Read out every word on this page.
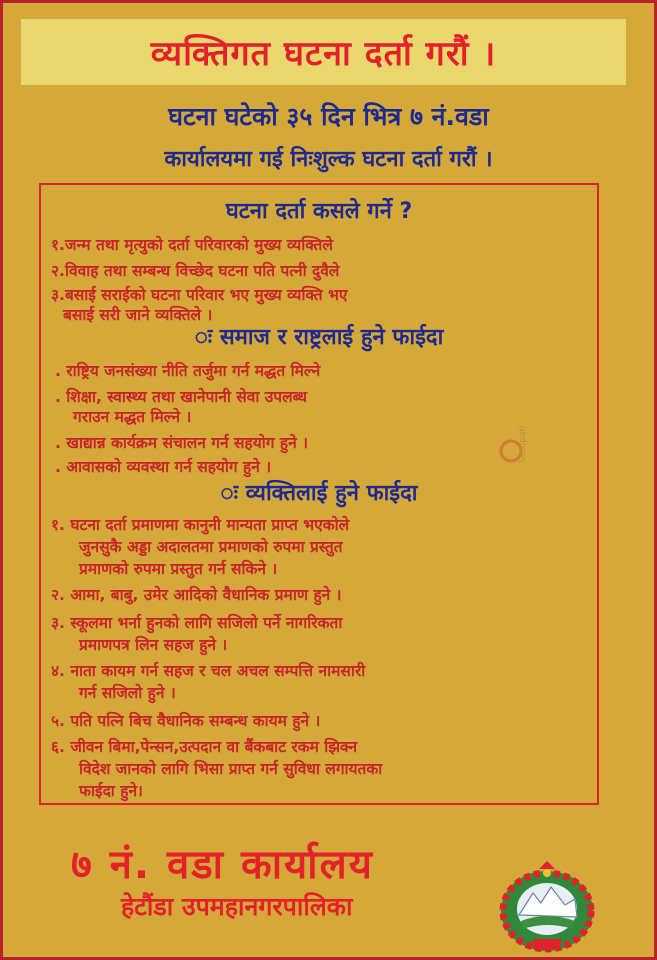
व्यक्तिगत घटना दर्ता गरौं ।
घटना घटेको ३५ दिन भित्र ७ नं.वडा
कार्यालयमा गई निःशुल्क घटना दर्ता गरौं ।
घटना दर्ता कसले गर्ने ?
१.जन्म तथा मृत्युको दर्ता परिवारको मुख्य व्यक्तिले
२.विवाह तथा सम्बन्ध विच्छेद घटना पति पत्नी दुवैले
३.बसाई सराईको घटना परिवार भए मुख्य व्यक्ति भए
बसाई सरी जाने व्यक्तिले ।
ः समाज र राष्ट्रलाई हुने फाईदा
. राष्ट्रिय जनसंख्या नीति तर्जुमा गर्न मद्धत मिल्ने
. शिक्षा, स्वास्थ्य तथा खानेपानी सेवा उपलब्ध
गराउन मद्धत मिल्ने ।
. खाद्यान्न कार्यक्रम संचालन गर्न सहयोग हुने ।
. आवासको व्यवस्था गर्न सहयोग हुने ।
ः व्यक्तिलाई हुने फाईदा
१. घटना दर्ता प्रमाणमा कानुनी मान्यता प्राप्त भएकोले
जुनसुकै अड्डा अदालतमा प्रमाणको रुपमा प्रस्तुत
प्रमाणको रुपमा प्रस्तुत गर्न सकिने ।
२. आमा, बाबु, उमेर आदिको वैधानिक प्रमाण हुने ।
३. स्कूलमा भर्ना हुनको लागि सजिलो पर्ने नागरिकता
प्रमाणपत्र लिन सहज हुने ।
४. नाता कायम गर्न सहज र चल अचल सम्पत्ति नामसारी
गर्न सजिलो हुने ।
५. पति पत्नि बिच वैधानिक सम्बन्ध कायम हुने ।
६. जीवन बिमा,पेन्सन,उत्पदान वा बैंकबाट रकम झिक्न
विदेश जानको लागि भिसा प्राप्त गर्न सुविधा लगायतका
फाईदा हुने।
Setopati
७ नं. वडा कार्यालय
हेटौंडा उपमहानगरपालिका
